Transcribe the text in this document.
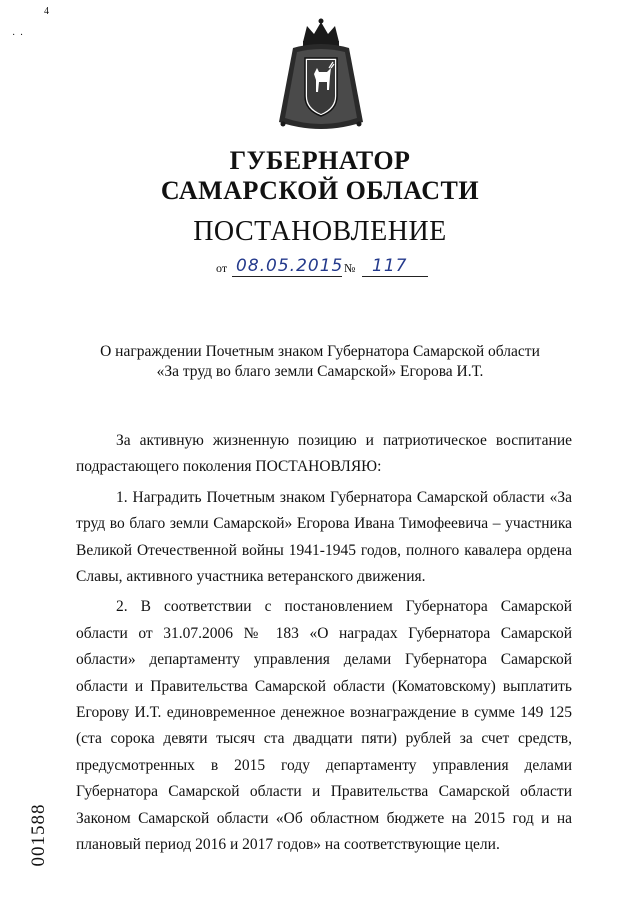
4
· ·
ГУБЕРНАТОР
САМАРСКОЙ ОБЛАСТИ
ПОСТАНОВЛЕНИЕ
от 08.05.2015 № 117
О награждении Почетным знаком Губернатора Самарской области
«За труд во благо земли Самарской» Егорова И.Т.

За активную жизненную позицию и патриотическое воспитание подрастающего поколения ПОСТАНОВЛЯЮ:

1. Наградить Почетным знаком Губернатора Самарской области «За труд во благо земли Самарской» Егорова Ивана Тимофеевича – участника Великой Отечественной войны 1941-1945 годов, полного кавалера ордена Славы, активного участника ветеранского движения.

2. В соответствии с постановлением Губернатора Самарской области от 31.07.2006 № 183 «О наградах Губернатора Самарской области» департаменту управления делами Губернатора Самарской области и Правительства Самарской области (Коматовскому) выплатить Егорову И.Т. единовременное денежное вознаграждение в сумме 149 125 (ста сорока девяти тысяч ста двадцати пяти) рублей за счет средств, предусмотренных в 2015 году департаменту управления делами Губернатора Самарской области и Правительства Самарской области Законом Самарской области «Об областном бюджете на 2015 год и на плановый период 2016 и 2017 годов» на соответствующие цели.

001588
